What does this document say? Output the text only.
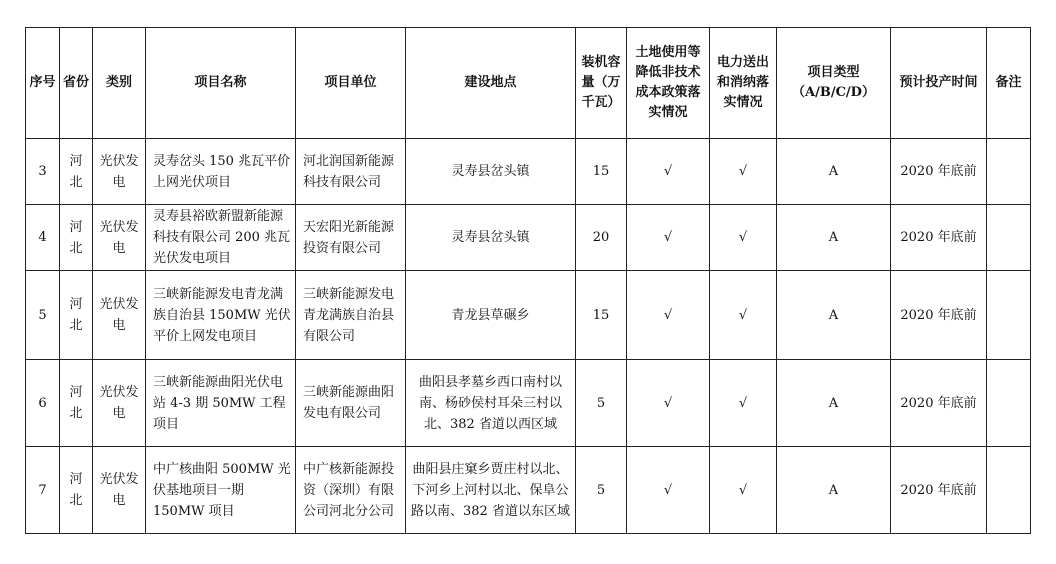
序号	省份	类别	项目名称	项目单位	建设地点	装机容量（万千瓦）	土地使用等降低非技术成本政策落实情况	电力送出和消纳落实情况	项目类型（A/B/C/D）	预计投产时间	备注
3	河北	光伏发电	灵寿岔头 150 兆瓦平价上网光伏项目	河北润国新能源科技有限公司	灵寿县岔头镇	15	√	√	A	2020 年底前	
4	河北	光伏发电	灵寿县裕欧新盟新能源科技有限公司 200 兆瓦光伏发电项目	天宏阳光新能源投资有限公司	灵寿县岔头镇	20	√	√	A	2020 年底前	
5	河北	光伏发电	三峡新能源发电青龙满族自治县 150MW 光伏平价上网发电项目	三峡新能源发电青龙满族自治县有限公司	青龙县草碾乡	15	√	√	A	2020 年底前	
6	河北	光伏发电	三峡新能源曲阳光伏电站 4-3 期 50MW 工程项目	三峡新能源曲阳发电有限公司	曲阳县孝墓乡西口南村以南、杨砂侯村耳朵三村以北、382 省道以西区域	5	√	√	A	2020 年底前	
7	河北	光伏发电	中广核曲阳 500MW 光伏基地项目一期 150MW 项目	中广核新能源投资（深圳）有限公司河北分公司	曲阳县庄窠乡贾庄村以北、下河乡上河村以北、保阜公路以南、382 省道以东区域	5	√	√	A	2020 年底前	
